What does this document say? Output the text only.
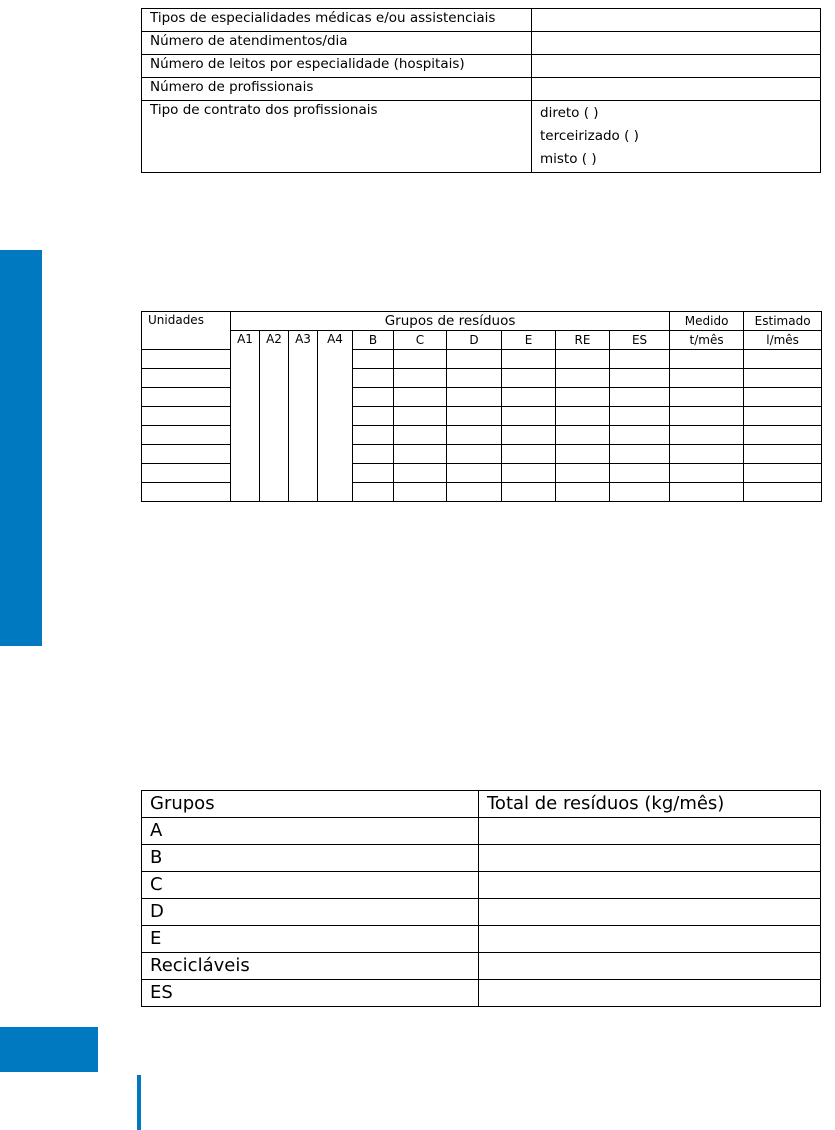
Tipos de especialidades médicas e/ou assistenciais	
Número de atendimentos/dia	
Número de leitos por especialidade (hospitais)	
Número de profissionais	
Tipo de contrato dos profissionais	direto ( )
terceirizado ( )
misto ( )
Unidades	Grupos de resíduos										Medido	Estimado
	A1	A2	A3	A4	B	C	D	E	RE	ES	t/mês	l/mês

Grupos	Total de resíduos (kg/mês)
A	
B	
C	
D	
E	
Recicláveis	
ES	
